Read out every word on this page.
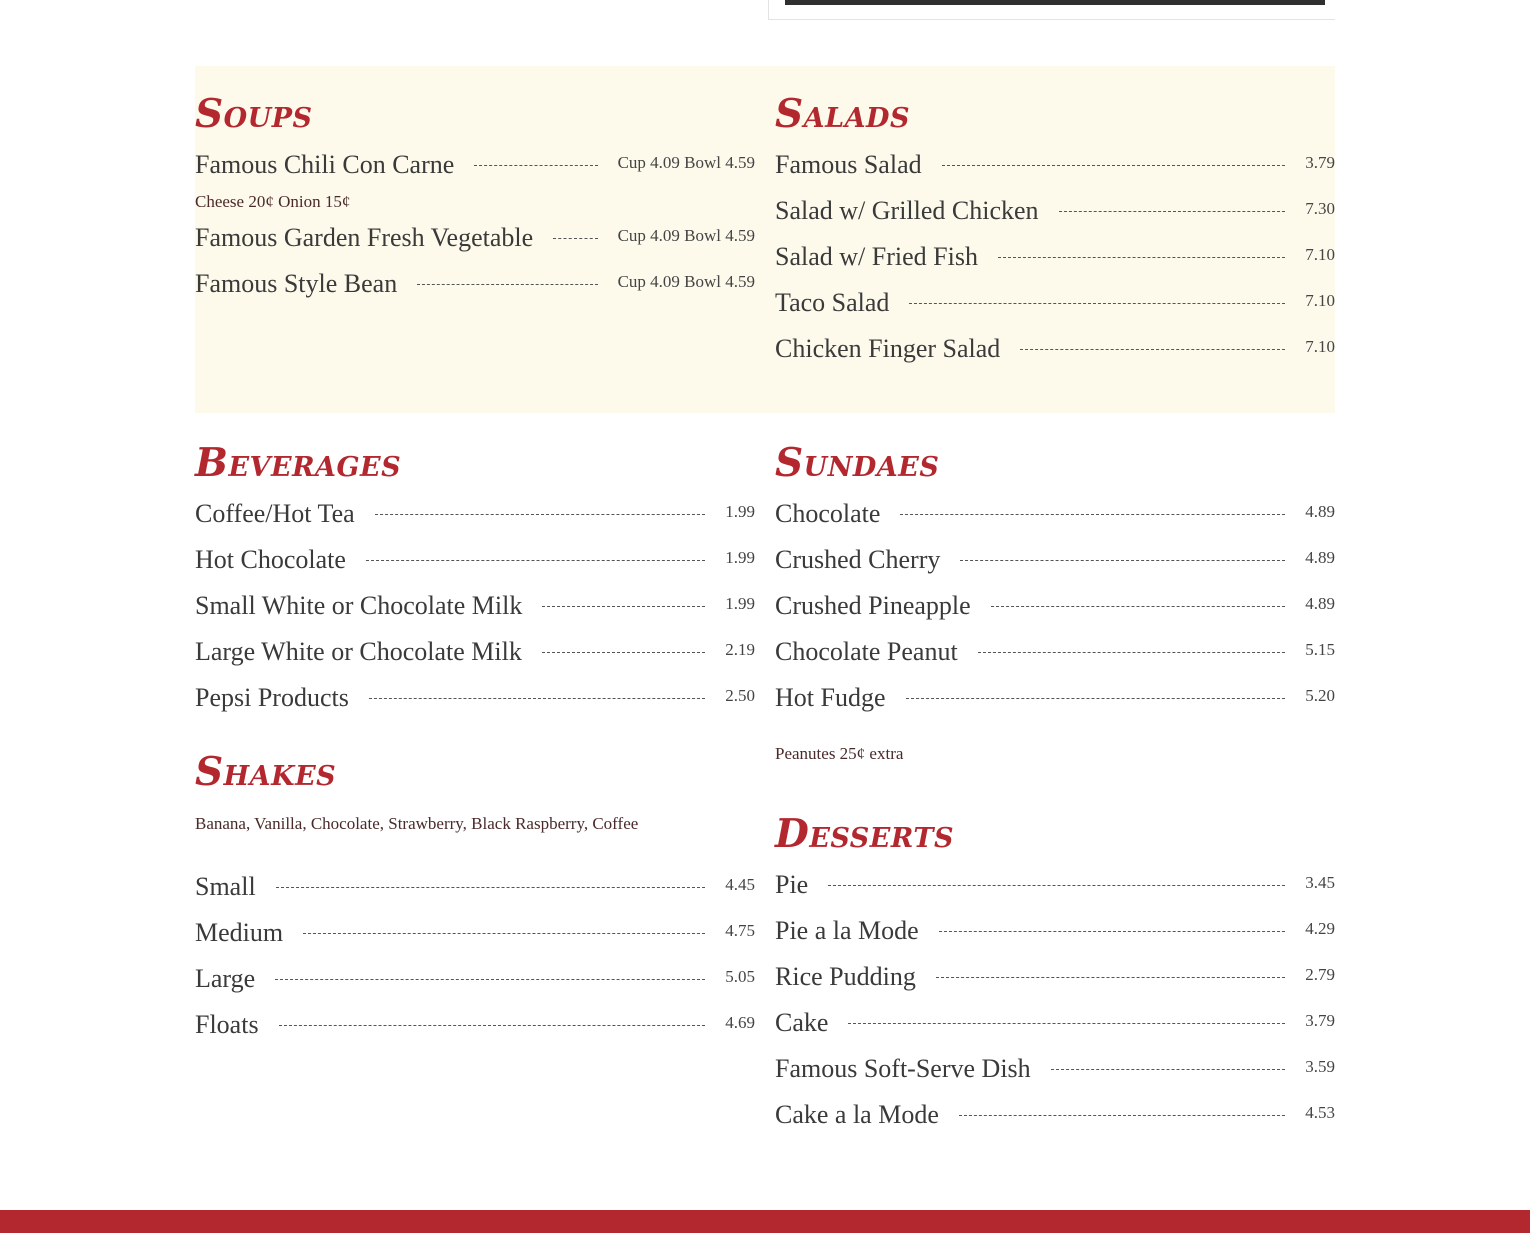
Soups
Famous Chili Con Carne	Cup 4.09 Bowl 4.59
Cheese 20¢ Onion 15¢
Famous Garden Fresh Vegetable	Cup 4.09 Bowl 4.59
Famous Style Bean	Cup 4.09 Bowl 4.59
Salads
Famous Salad	3.79
Salad w/ Grilled Chicken	7.30
Salad w/ Fried Fish	7.10
Taco Salad	7.10
Chicken Finger Salad	7.10
Beverages
Coffee/Hot Tea	1.99
Hot Chocolate	1.99
Small White or Chocolate Milk	1.99
Large White or Chocolate Milk	2.19
Pepsi Products	2.50
Shakes
Banana, Vanilla, Chocolate, Strawberry, Black Raspberry, Coffee
Small	4.45
Medium	4.75
Large	5.05
Floats	4.69
Sundaes
Chocolate	4.89
Crushed Cherry	4.89
Crushed Pineapple	4.89
Chocolate Peanut	5.15
Hot Fudge	5.20
Peanutes 25¢ extra
Desserts
Pie	3.45
Pie a la Mode	4.29
Rice Pudding	2.79
Cake	3.79
Famous Soft-Serve Dish	3.59
Cake a la Mode	4.53
